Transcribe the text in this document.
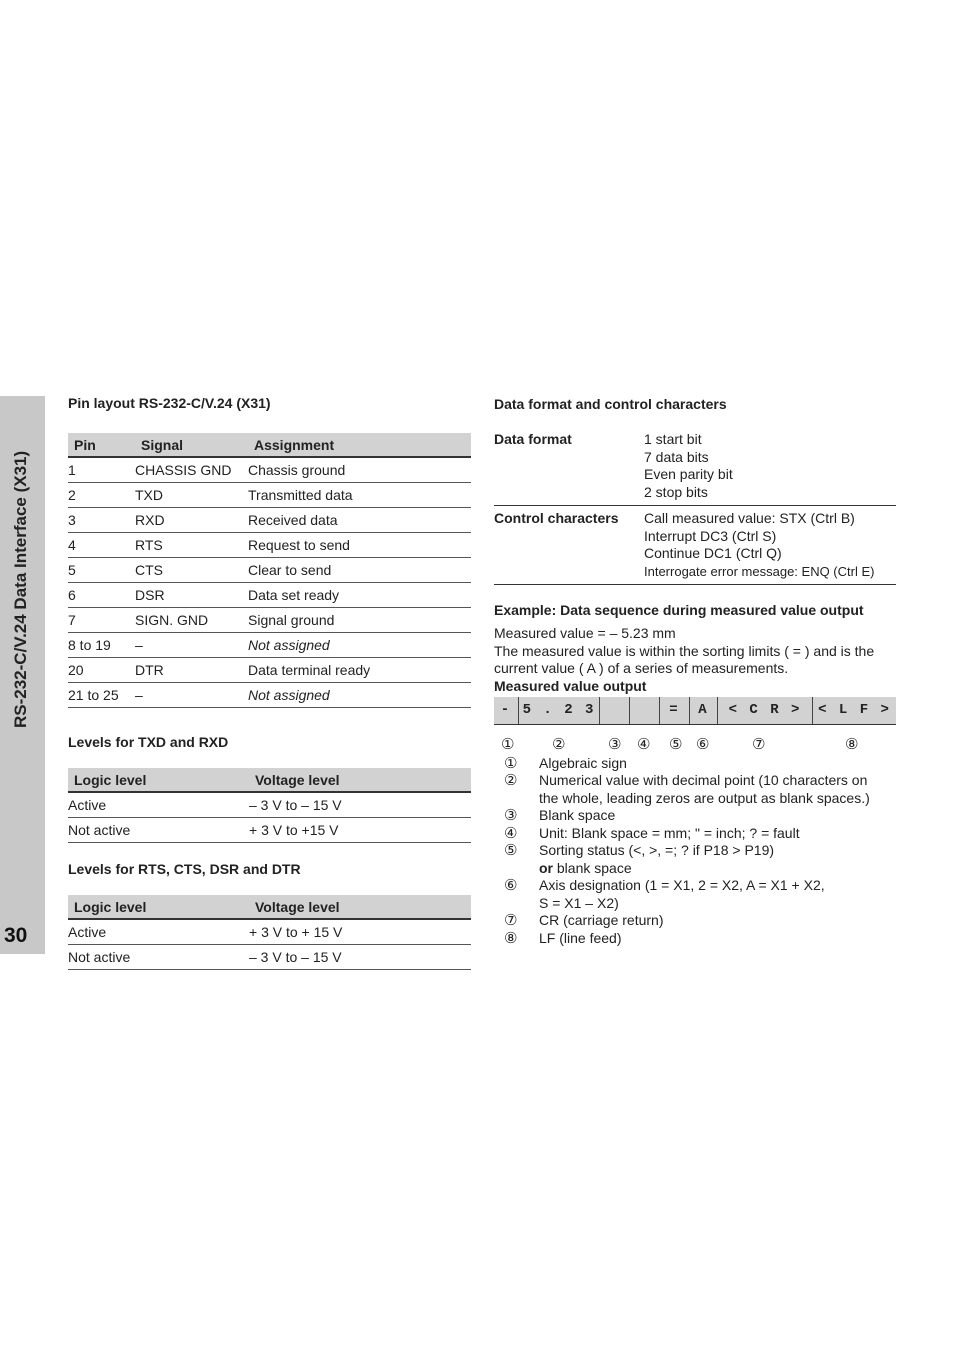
RS-232-C/V.24 Data Interface (X31)
30
Pin layout RS-232-C/V.24 (X31)
Pin	Signal	Assignment
1	CHASSIS GND	Chassis ground
2	TXD	Transmitted data
3	RXD	Received data
4	RTS	Request to send
5	CTS	Clear to send
6	DSR	Data set ready
7	SIGN. GND	Signal ground
8 to 19	–	Not assigned
20	DTR	Data terminal ready
21 to 25	–	Not assigned
Levels for TXD and RXD
Logic level	Voltage level
Active	– 3 V to – 15 V
Not active	+ 3 V to +15 V
Levels for RTS, CTS, DSR and DTR
Logic level	Voltage level
Active	+ 3 V to + 15 V
Not active	– 3 V to – 15 V
Data format and control characters
Data format	1 start bit
7 data bits
Even parity bit
2 stop bits

Control characters	Call measured value: STX (Ctrl B)
Interrupt DC3 (Ctrl S)
Continue DC1 (Ctrl Q)
Interrogate error message: ENQ (Ctrl E)
Example: Data sequence during measured value output
Measured value = – 5.23 mm
The measured value is within the sorting limits ( = ) and is the current value ( A ) of a series of measurements.
Measured value output
- 5 . 2 3	=	A	< C R >	< L F >
①	②	③ ④ ⑤ ⑥	⑦	⑧
①	Algebraic sign
②	Numerical value with decimal point (10 characters on
the whole, leading zeros are output as blank spaces.)
③	Blank space
④	Unit: Blank space = mm; " = inch; ? = fault
⑤	Sorting status (<, >, =; ? if P18 > P19)
or blank space
⑥	Axis designation (1 = X1, 2 = X2, A = X1 + X2,
S = X1 – X2)
⑦	CR (carriage return)
⑧	LF (line feed)
